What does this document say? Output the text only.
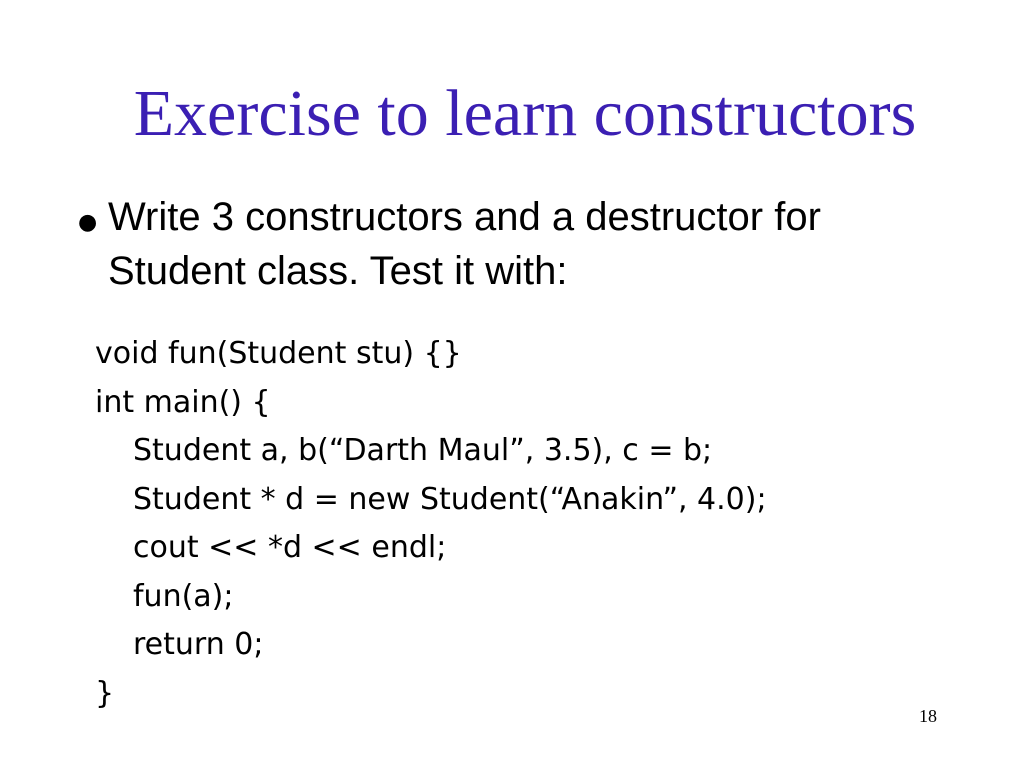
Exercise to learn constructors
● Write 3 constructors and a destructor for Student class. Test it with:
void fun(Student stu) {}
int main() {
Student a, b(“Darth Maul”, 3.5), c = b;
Student * d = new Student(“Anakin”, 4.0);
cout << *d << endl;
fun(a);
return 0;
}
18
